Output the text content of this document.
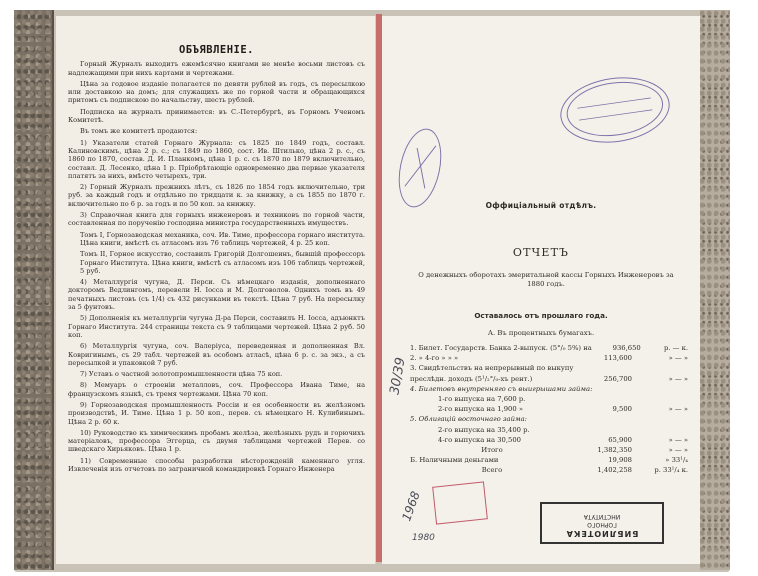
ОБЪЯВЛЕНІЕ.

Горный Журналъ выходитъ ежемѣсячно книгами не менѣе восьми листовъ съ надлежащими при нихъ картами и чертежами.

Цѣна за годовое изданіе полагается по девяти рублей въ годъ, съ пересылкою или доставкою на домъ; для служащихъ же по горной части и обращающихся притомъ съ подпискою по начальству, шесть рублей.

Подписка на журналъ принимается: въ С.-Петербургѣ, въ Горномъ Ученомъ Комитетѣ.

Въ томъ же комитетѣ продаются:

1) Указатели статей Горнаго Журнала: съ 1825 по 1849 годъ, составл. Калиновскимъ, цѣна 2 р. с.; съ 1849 по 1860, сост. Ив. Штилько, цѣна 2 р. с., съ 1860 по 1870, состав. Д. И. Планкомъ, цѣна 1 р. с. съ 1870 по 1879 включительно, составл. Д. Лесенко, цѣна 1 р. Пріобрѣтающіе одновременно два первые указателя платятъ за нихъ, вмѣсто четырехъ, три.

2) Горный Журналъ прежнихъ лѣтъ, съ 1826 по 1854 годъ включительно, три руб. за каждый годъ и отдѣльно по тридцати к. за книжку, а съ 1855 по 1870 г. включительно по 6 р. за годъ и по 50 коп. за книжку.

3) Справочная книга для горныхъ инженеровъ и техниковъ по горной части, составленная по порученію господина министра государственныхъ имуществъ.

Томъ I, Горнозаводская механика, соч. Ив. Тиме, профессора горнаго института. Цѣна книги, вмѣстѣ съ атласомъ изъ 76 таблицъ чертежей, 4 р. 25 коп.

Томъ II, Горное искусство, составилъ Григорій Долгошеинъ, бывшій профессоръ Горнаго Института. Цѣна книги, вмѣстѣ съ атласомъ изъ 106 таблицъ чертежей, 5 руб.

4) Металлургія чугуна, Д. Перси. Съ нѣмецкаго изданія, дополненнаго докторомъ Ведлингомъ, перевели Н. Іосса и М. Долговолов. Однихъ томъ въ 49 печатныхъ листовъ (съ 1/4) съ 432 рисунками въ текстѣ. Цѣна 7 руб. На пересылку за 5 фунтовъ.

5) Дополненія къ металлургіи чугуна Д-ра Перси, составилъ Н. Іосса, адъюнктъ Горнаго Института. 244 страницы текста съ 9 таблицами чертежей. Цѣна 2 руб. 50 коп.

6) Металлургія чугуна, соч. Валеріуса, переведенная и дополненная Вл. Ковригинымъ, съ 29 табл. чертежей въ особомъ атласѣ, цѣна 6 р. с. за экз., а съ пересылкой и упаковкой 7 руб.

7) Уставъ о частной золотопромышленности цѣна 75 коп.

8) Мемуаръ о строеніи металловъ, соч. Профессора Ивана Тиме, на французскомъ языкѣ, съ тремя чертежами. Цѣна 70 коп.

9) Горнозаводская промышленность Россіи и ея особенности въ желѣзномъ производствѣ, И. Тиме. Цѣна 1 р. 50 коп., перев. съ нѣмецкаго Н. Кулибинымъ. Цѣна 2 р. 60 к.

10) Руководство къ химическимъ пробамъ желѣза, желѣзныхъ рудъ и горючихъ матеріаловъ, профессора Эггерца, съ двумя таблицами чертежей Перев. со шведскаго Хирьяковъ. Цѣна 1 р.

11) Современные способы разработки нѣсторожденій каменнаго угля. Извлеченія изъ отчетовъ по заграничной командировкѣ Горнаго Инженера

30/39
Оффиціальный отдѣлъ.
ОТЧЕТЪ
О денежныхъ оборотахъ эмеритальной кассы Горныхъ Инженеровъ за 1880 годъ.
Оставалось отъ прошлаго года.
А. Въ процентныхъ бумагахъ.
1. Билет. Государств. Банка 2-выпуск. (5°/₀ 5%) на	936,650	р. — к.
2. » 4-го » » »	113,600	» — »
3. Свидѣтельствъ на непрерывный по выкупу
преслѣдн. доходъ (5¹/₂°/₀-хъ рент.)	256,700	» — »
4. Билетовъ внутренняго съ выигрышами займа:
1-го выпуска на 7,600 р.
2-го выпуска на 1,900 »	9,500	» — »
5. Облигацій восточнаго займа:
2-го выпуска на 35,400 р.
4-го выпуска на 30,500	65,900	» — »
Итого	1,382,350	» — »
Б. Наличными деньгами	19,908	» 33¹/₄
Всего	1,402,258	р. 33¹/₄ к.
БИБЛИОТЕКА
ГОРНОГО
ИНСТИТУТА
1968
1980
